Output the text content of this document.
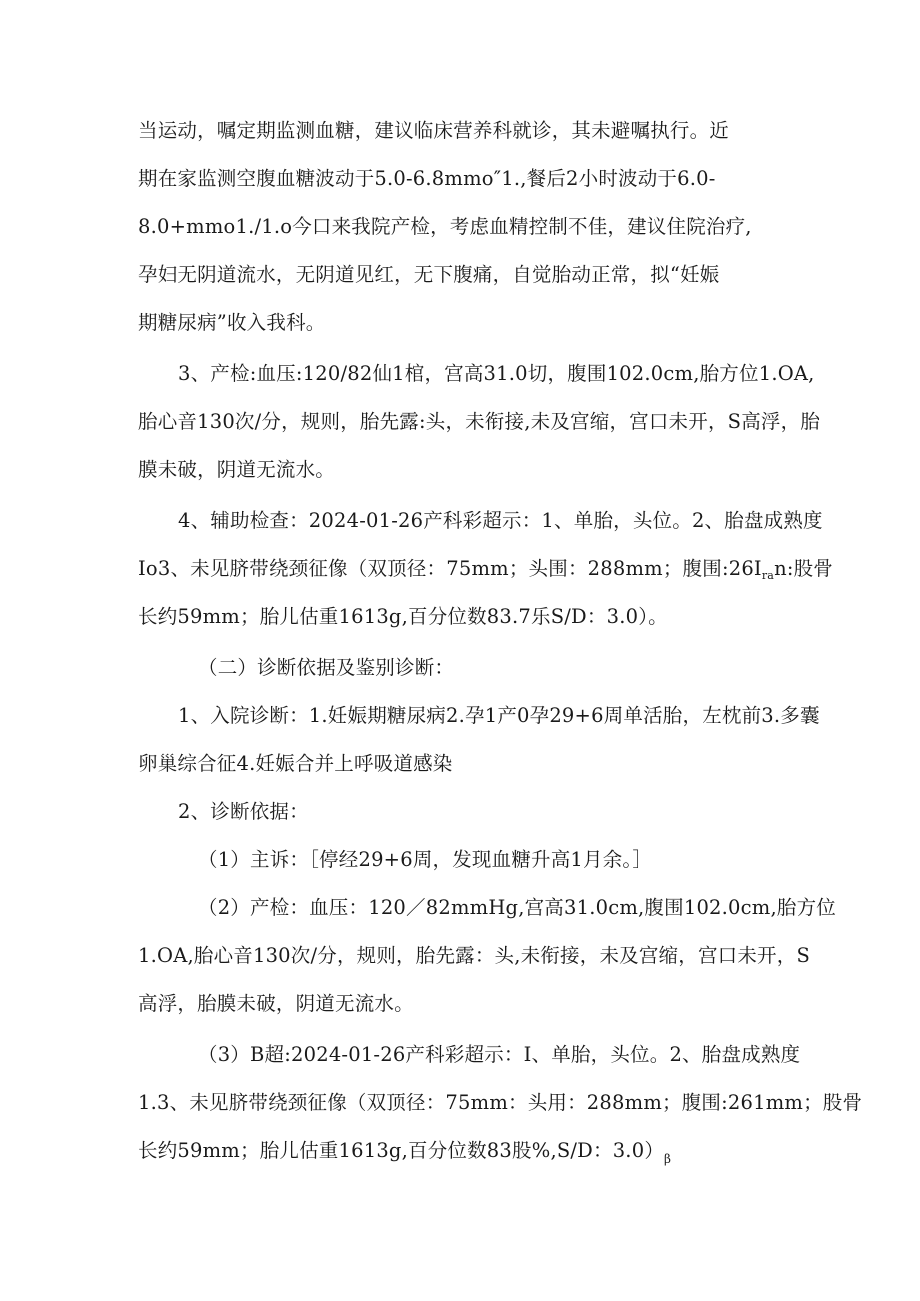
当运动，嘱定期监测血糖，建议临床营养科就诊，其未避嘱执行。近
期在家监测空腹血糖波动于5.0-6.8mmo″1.,餐后2小时波动于6.0-
8.0+mmo1./1.o今口来我院产检，考虑血精控制不佳，建议住院治疗,
孕妇无阴道流水，无阴道见红，无下腹痛，自觉胎动正常，拟“妊娠
期糖尿病”收入我科。
3、产检:血压:120/82仙1棺，宫高31.0切，腹围102.0cm,胎方位1.OA,
胎心音130次/分，规则，胎先露:头，未衔接,未及宫缩，宫口未开，S高浮，胎
膜未破，阴道无流水。
4、辅助检查：2024-01-26产科彩超示：1、单胎，头位。2、胎盘成熟度
Io3、未见脐带绕颈征像（双顶径：75mm；头围：288mm；腹围$:26I_{ra}n$:股骨
长约59mm；胎儿估重1613g,百分位数83.7乐S/D：3.0）。
（二）诊断依据及鉴别诊断：
1、入院诊断：1.妊娠期糖尿病2.孕1产0孕29+6周单活胎，左枕前3.多囊
卵巢综合征4.妊娠合并上呼吸道感染
2、诊断依据：
（1）主诉：［停经29+6周，发现血糖升高1月余。］
（2）产检：血压：120／82mmHg,宫高31.0cm,腹围102.0cm,胎方位
1.OA,胎心音130次/分，规则，胎先露：头,未衔接，未及宫缩，宫口未开，S
高浮，胎膜未破，阴道无流水。
（3）B超:2024-01-26产科彩超示：I、单胎，头位。2、胎盘成熟度
1.3、未见脐带绕颈征像（双顶径：75mm：头用：288mm；腹围:261mm；股骨
长约59mm；胎儿估重1613g,百分位数83股%,S/D：$3.0)_\beta$
